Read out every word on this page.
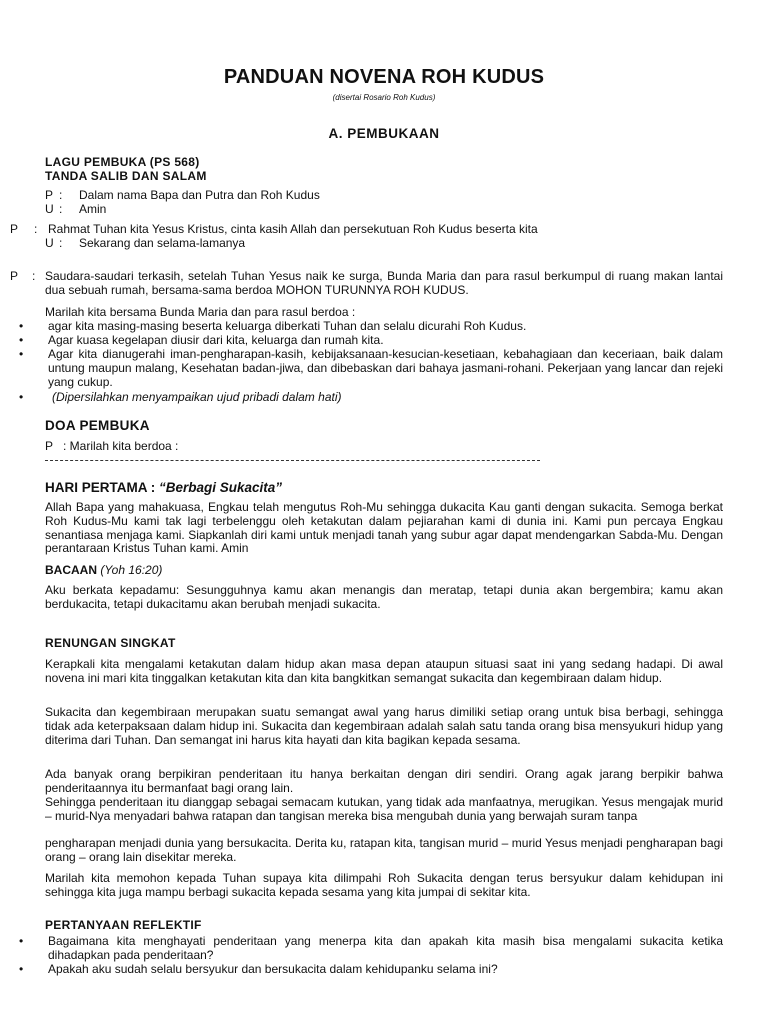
PANDUAN NOVENA ROH KUDUS
(disertai Rosario Roh Kudus)
A. PEMBUKAAN
LAGU PEMBUKA (PS 568)
TANDA SALIB DAN SALAM
P : Dalam nama Bapa dan Putra dan Roh Kudus
U : Amin
P : Rahmat Tuhan kita Yesus Kristus, cinta kasih Allah dan persekutuan Roh Kudus beserta kita
U : Sekarang dan selama-lamanya
P : Saudara-saudari terkasih, setelah Tuhan Yesus naik ke surga, Bunda Maria dan para rasul berkumpul di ruang makan lantai dua sebuah rumah, bersama-sama berdoa MOHON TURUNNYA ROH KUDUS.
Marilah kita bersama Bunda Maria dan para rasul berdoa :
• agar kita masing-masing beserta keluarga diberkati Tuhan dan selalu dicurahi Roh Kudus.
• Agar kuasa kegelapan diusir dari kita, keluarga dan rumah kita.
• Agar kita dianugerahi iman-pengharapan-kasih, kebijaksanaan-kesucian-kesetiaan, kebahagiaan dan keceriaan, baik dalam untung maupun malang, Kesehatan badan-jiwa, dan dibebaskan dari bahaya jasmani-rohani. Pekerjaan yang lancar dan rejeki yang cukup.
• (Dipersilahkan menyampaikan ujud pribadi dalam hati)
DOA PEMBUKA
P : Marilah kita berdoa :
HARI PERTAMA : “Berbagi Sukacita”
Allah Bapa yang mahakuasa, Engkau telah mengutus Roh-Mu sehingga dukacita Kau ganti dengan sukacita. Semoga berkat Roh Kudus-Mu kami tak lagi terbelenggu oleh ketakutan dalam pejiarahan kami di dunia ini. Kami pun percaya Engkau senantiasa menjaga kami. Siapkanlah diri kami untuk menjadi tanah yang subur agar dapat mendengarkan Sabda-Mu. Dengan perantaraan Kristus Tuhan kami. Amin
BACAAN (Yoh 16:20)
Aku berkata kepadamu: Sesungguhnya kamu akan menangis dan meratap, tetapi dunia akan bergembira; kamu akan berdukacita, tetapi dukacitamu akan berubah menjadi sukacita.
RENUNGAN SINGKAT
Kerapkali kita mengalami ketakutan dalam hidup akan masa depan ataupun situasi saat ini yang sedang hadapi. Di awal novena ini mari kita tinggalkan ketakutan kita dan kita bangkitkan semangat sukacita dan kegembiraan dalam hidup.
Sukacita dan kegembiraan merupakan suatu semangat awal yang harus dimiliki setiap orang untuk bisa berbagi, sehingga tidak ada keterpaksaan dalam hidup ini. Sukacita dan kegembiraan adalah salah satu tanda orang bisa mensyukuri hidup yang diterima dari Tuhan. Dan semangat ini harus kita hayati dan kita bagikan kepada sesama.
Ada banyak orang berpikiran penderitaan itu hanya berkaitan dengan diri sendiri. Orang agak jarang berpikir bahwa penderitaannya itu bermanfaat bagi orang lain.
Sehingga penderitaan itu dianggap sebagai semacam kutukan, yang tidak ada manfaatnya, merugikan. Yesus mengajak murid – murid-Nya menyadari bahwa ratapan dan tangisan mereka bisa mengubah dunia yang berwajah suram tanpa
pengharapan menjadi dunia yang bersukacita. Derita ku, ratapan kita, tangisan murid – murid Yesus menjadi pengharapan bagi orang – orang lain disekitar mereka.
Marilah kita memohon kepada Tuhan supaya kita dilimpahi Roh Sukacita dengan terus bersyukur dalam kehidupan ini sehingga kita juga mampu berbagi sukacita kepada sesama yang kita jumpai di sekitar kita.
PERTANYAAN REFLEKTIF
• Bagaimana kita menghayati penderitaan yang menerpa kita dan apakah kita masih bisa mengalami sukacita ketika dihadapkan pada penderitaan?
• Apakah aku sudah selalu bersyukur dan bersukacita dalam kehidupanku selama ini?
